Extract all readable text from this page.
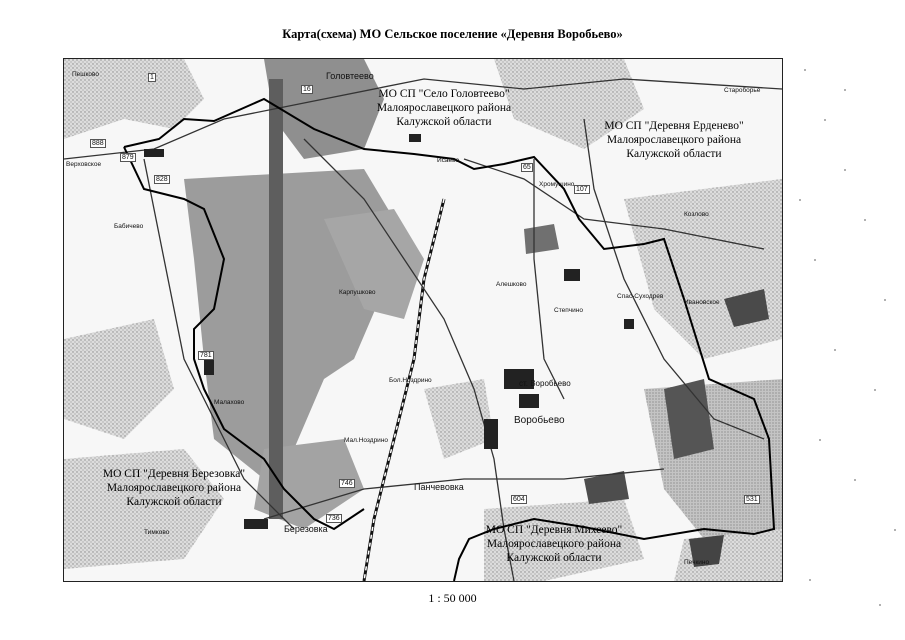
Карта(схема) МО Сельское поселение «Деревня Воробьево»
МО СП "Село Головтеево"
Малоярославецкого района
Калужской области	МО СП "Деревня Ерденево"
Малоярославецкого района
Калужской области
МО СП "Деревня Березовка"
Малоярославецкого района
Калужской области
МО СП "Деревня Михеево"
Малоярославецкого района
Калужской области
Воробьево
Головтеево
Березовка
Панчевовка
ст. Воробьево
Пешково
Верховское
Бабичево
Карпушково
Малахово
Бол.Ноздрино
Мал.Ноздрино
Исаево
Хромушино
Алешково
Степчино
Спас-Суходрев
Козлово
Ивановское
Староборье
Тимково
Печкино
1
16
888
879
828
65
107
781
746
736
604	531
1 : 50 000
